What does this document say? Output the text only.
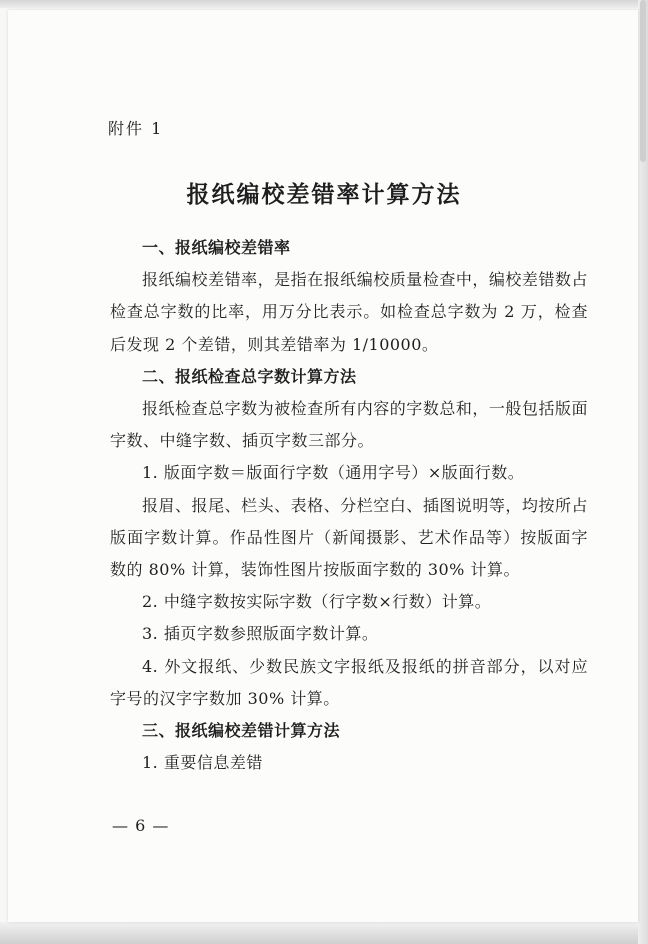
附件 1
报纸编校差错率计算方法

一、报纸编校差错率

报纸编校差错率，是指在报纸编校质量检查中，编校差错数占检查总字数的比率，用万分比表示。如检查总字数为 2 万，检查后发现 2 个差错，则其差错率为 1/10000。

二、报纸检查总字数计算方法

报纸检查总字数为被检查所有内容的字数总和，一般包括版面字数、中缝字数、插页字数三部分。

1. 版面字数＝版面行字数（通用字号）×版面行数。

报眉、报尾、栏头、表格、分栏空白、插图说明等，均按所占版面字数计算。作品性图片（新闻摄影、艺术作品等）按版面字数的 80% 计算，装饰性图片按版面字数的 30% 计算。

2. 中缝字数按实际字数（行字数×行数）计算。

3. 插页字数参照版面字数计算。

4. 外文报纸、少数民族文字报纸及报纸的拼音部分，以对应字号的汉字字数加 30% 计算。

三、报纸编校差错计算方法

1. 重要信息差错

— 6 —
